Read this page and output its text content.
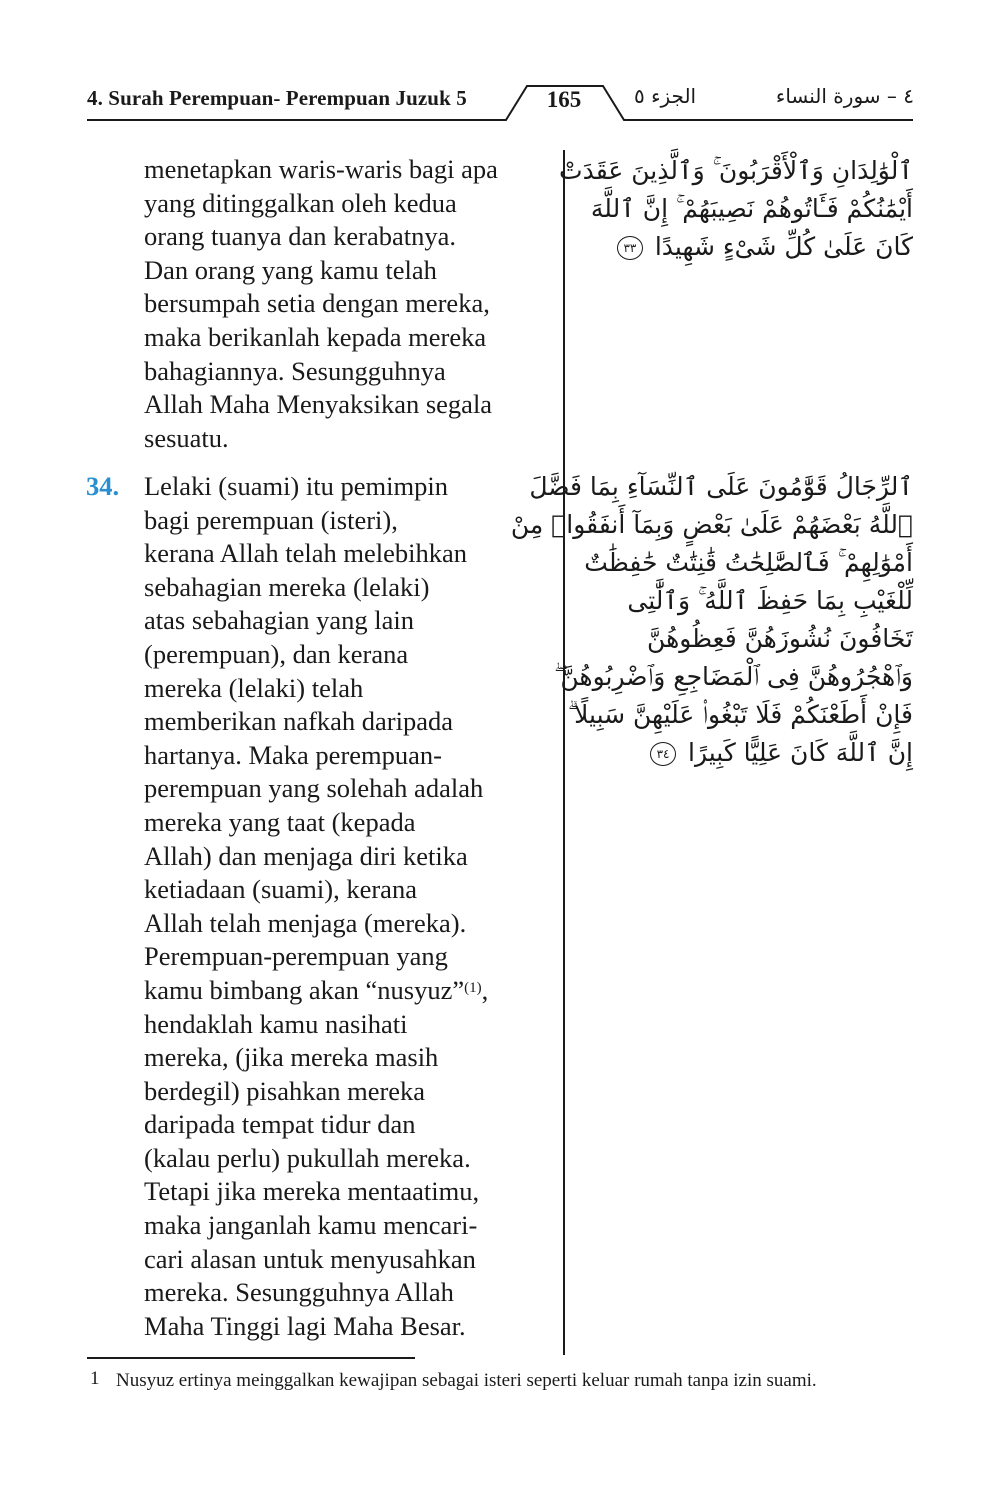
4. Surah Perempuan- Perempuan Juzuk 5	165	الجزء ٥	٤ – سورة النساء
menetapkan waris-waris bagi apa
yang ditinggalkan oleh kedua
orang tuanya dan kerabatnya.
Dan orang yang kamu telah
bersumpah setia dengan mereka,
maka berikanlah kepada mereka
bahagiannya. Sesungguhnya
Allah Maha Menyaksikan segala
sesuatu.
ٱلْوَٰلِدَانِ وَٱلْأَقْرَبُونَ ۚ وَٱلَّذِينَ عَقَدَتْ
أَيْمَٰنُكُمْ فَـَٔاتُوهُمْ نَصِيبَهُمْ ۚ إِنَّ ٱللَّهَ
كَانَ عَلَىٰ كُلِّ شَىْءٍ شَهِيدًا ٣٣
34. Lelaki (suami) itu pemimpin
bagi perempuan (isteri),
kerana Allah telah melebihkan
sebahagian mereka (lelaki)
atas sebahagian yang lain
(perempuan), dan kerana
mereka (lelaki) telah
memberikan nafkah daripada
hartanya. Maka perempuan-
perempuan yang solehah adalah
mereka yang taat (kepada
Allah) dan menjaga diri ketika
ketiadaan (suami), kerana
Allah telah menjaga (mereka).
Perempuan-perempuan yang
kamu bimbang akan “nusyuz”$^{(1)}$,
hendaklah kamu nasihati
mereka, (jika mereka masih
berdegil) pisahkan mereka
daripada tempat tidur dan
(kalau perlu) pukullah mereka.
Tetapi jika mereka mentaatimu,
maka janganlah kamu mencari-
cari alasan untuk menyusahkan
mereka. Sesungguhnya Allah
Maha Tinggi lagi Maha Besar.
ٱلرِّجَالُ قَوَّٰمُونَ عَلَى ٱلنِّسَآءِ بِمَا فَضَّلَ
ٱللَّهُ بَعْضَهُمْ عَلَىٰ بَعْضٍ وَبِمَآ أَنفَقُوا۟ مِنْ
أَمْوَٰلِهِمْ ۚ فَٱلصَّٰلِحَٰتُ قَٰنِتَٰتٌ حَٰفِظَٰتٌ
لِّلْغَيْبِ بِمَا حَفِظَ ٱللَّهُ ۚ وَٱلَّٰتِى
تَخَافُونَ نُشُوزَهُنَّ فَعِظُوهُنَّ
وَٱهْجُرُوهُنَّ فِى ٱلْمَضَاجِعِ وَٱضْرِبُوهُنَّ ۖ
فَإِنْ أَطَعْنَكُمْ فَلَا تَبْغُوا۟ عَلَيْهِنَّ سَبِيلًا ۗ
إِنَّ ٱللَّهَ كَانَ عَلِيًّا كَبِيرًا ٣٤
1 Nusyuz ertinya meinggalkan kewajipan sebagai isteri seperti keluar rumah tanpa izin suami.
